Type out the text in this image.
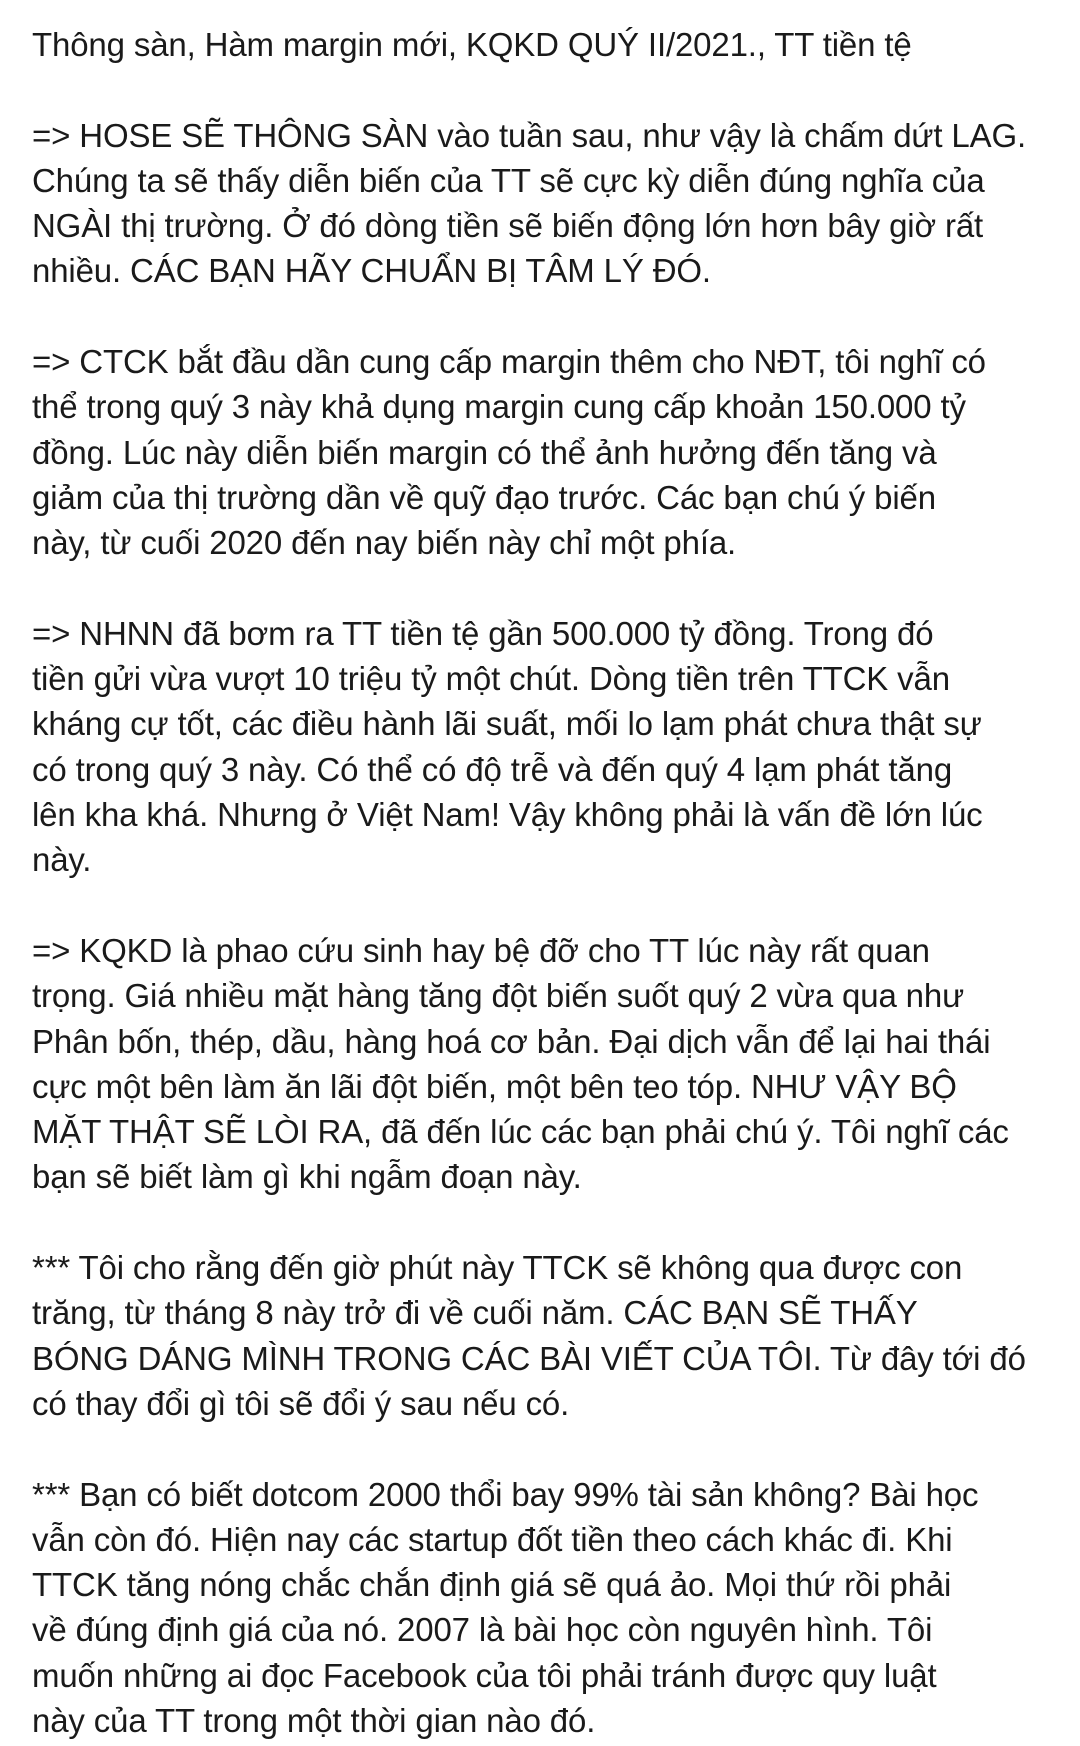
Thông sàn, Hàm margin mới, KQKD QUÝ II/2021., TT tiền tệ
=> HOSE SẼ THÔNG SÀN vào tuần sau, như vậy là chấm dứt LAG.
Chúng ta sẽ thấy diễn biến của TT sẽ cực kỳ diễn đúng nghĩa của
NGÀI thị trường. Ở đó dòng tiền sẽ biến động lớn hơn bây giờ rất
nhiều. CÁC BẠN HÃY CHUẨN BỊ TÂM LÝ ĐÓ.
=> CTCK bắt đầu dần cung cấp margin thêm cho NĐT, tôi nghĩ có
thể trong quý 3 này khả dụng margin cung cấp khoản 150.000 tỷ
đồng. Lúc này diễn biến margin có thể ảnh hưởng đến tăng và
giảm của thị trường dần về quỹ đạo trước. Các bạn chú ý biến
này, từ cuối 2020 đến nay biến này chỉ một phía.
=> NHNN đã bơm ra TT tiền tệ gần 500.000 tỷ đồng. Trong đó
tiền gửi vừa vượt 10 triệu tỷ một chút. Dòng tiền trên TTCK vẫn
kháng cự tốt, các điều hành lãi suất, mối lo lạm phát chưa thật sự
có trong quý 3 này. Có thể có độ trễ và đến quý 4 lạm phát tăng
lên kha khá. Nhưng ở Việt Nam! Vậy không phải là vấn đề lớn lúc
này.
=> KQKD là phao cứu sinh hay bệ đỡ cho TT lúc này rất quan
trọng. Giá nhiều mặt hàng tăng đột biến suốt quý 2 vừa qua như
Phân bốn, thép, dầu, hàng hoá cơ bản. Đại dịch vẫn để lại hai thái
cực một bên làm ăn lãi đột biến, một bên teo tóp. NHƯ VẬY BỘ
MẶT THẬT SẼ LÒI RA, đã đến lúc các bạn phải chú ý. Tôi nghĩ các
bạn sẽ biết làm gì khi ngẫm đoạn này.
*** Tôi cho rằng đến giờ phút này TTCK sẽ không qua được con
trăng, từ tháng 8 này trở đi về cuối năm. CÁC BẠN SẼ THẤY
BÓNG DÁNG MÌNH TRONG CÁC BÀI VIẾT CỦA TÔI. Từ đây tới đó
có thay đổi gì tôi sẽ đổi ý sau nếu có.
*** Bạn có biết dotcom 2000 thổi bay 99% tài sản không? Bài học
vẫn còn đó. Hiện nay các startup đốt tiền theo cách khác đi. Khi
TTCK tăng nóng chắc chắn định giá sẽ quá ảo. Mọi thứ rồi phải
về đúng định giá của nó. 2007 là bài học còn nguyên hình. Tôi
muốn những ai đọc Facebook của tôi phải tránh được quy luật
này của TT trong một thời gian nào đó.
